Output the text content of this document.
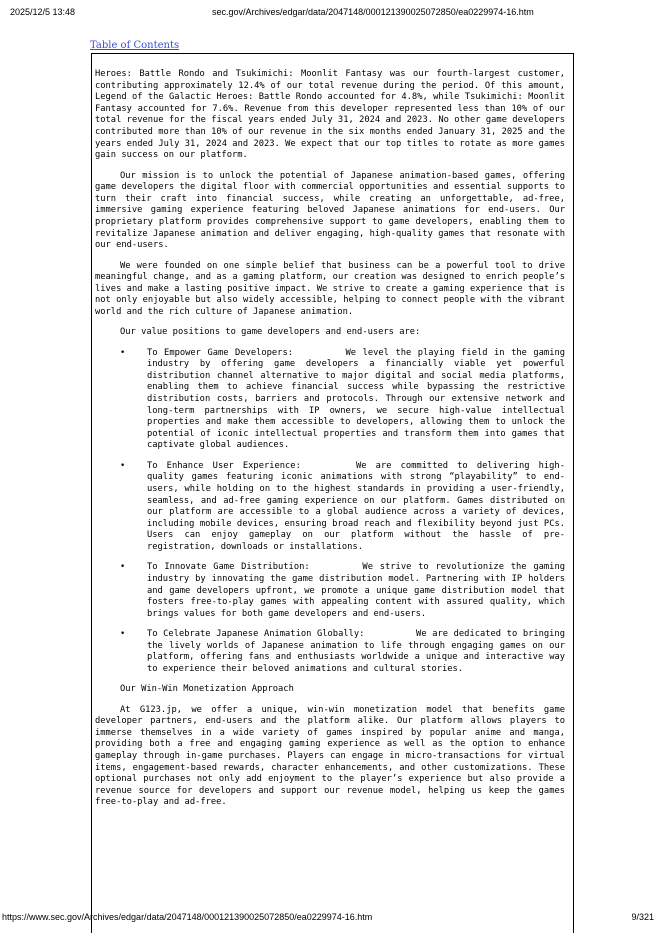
2025/12/5 13:48	sec.gov/Archives/edgar/data/2047148/000121390025072850/ea0229974-16.htm
Table of Contents

Heroes: Battle Rondo and Tsukimichi: Moonlit Fantasy was our fourth-largest customer, contributing approximately 12.4% of our total revenue during the period. Of this amount, Legend of the Galactic Heroes: Battle Rondo accounted for 4.8%, while Tsukimichi: Moonlit Fantasy accounted for 7.6%. Revenue from this developer represented less than 10% of our total revenue for the fiscal years ended July 31, 2024 and 2023. No other game developers contributed more than 10% of our revenue in the six months ended January 31, 2025 and the years ended July 31, 2024 and 2023. We expect that our top titles to rotate as more games gain success on our platform.

Our mission is to unlock the potential of Japanese animation-based games, offering game developers the digital floor with commercial opportunities and essential supports to turn their craft into financial success, while creating an unforgettable, ad-free, immersive gaming experience featuring beloved Japanese animations for end-users. Our proprietary platform provides comprehensive support to game developers, enabling them to revitalize Japanese animation and deliver engaging, high-quality games that resonate with our end-users.

We were founded on one simple belief that business can be a powerful tool to drive meaningful change, and as a gaming platform, our creation was designed to enrich people’s lives and make a lasting positive impact. We strive to create a gaming experience that is not only enjoyable but also widely accessible, helping to connect people with the vibrant world and the rich culture of Japanese animation.

Our value positions to game developers and end-users are:

• To Empower Game Developers:	We level the playing field in the gaming industry by offering game developers a financially viable yet powerful distribution channel alternative to major digital and social media platforms, enabling them to achieve financial success while bypassing the restrictive distribution costs, barriers and protocols. Through our extensive network and long-term partnerships with IP owners, we secure high-value intellectual properties and make them accessible to developers, allowing them to unlock the potential of iconic intellectual properties and transform them into games that captivate global audiences.
• To Enhance User Experience:	We are committed to delivering high-quality games featuring iconic animations with strong “playability” to end-users, while holding on to the highest standards in providing a user-friendly, seamless, and ad-free gaming experience on our platform. Games distributed on our platform are accessible to a global audience across a variety of devices, including mobile devices, ensuring broad reach and flexibility beyond just PCs. Users can enjoy gameplay on our platform without the hassle of pre-registration, downloads or installations.
• To Innovate Game Distribution:	We strive to revolutionize the gaming industry by innovating the game distribution model. Partnering with IP holders and game developers upfront, we promote a unique game distribution model that fosters free-to-play games with appealing content with assured quality, which brings values for both game developers and end-users.
• To Celebrate Japanese Animation Globally:	We are dedicated to bringing the lively worlds of Japanese animation to life through engaging games on our platform, offering fans and enthusiasts worldwide a unique and interactive way to experience their beloved animations and cultural stories.
Our Win-Win Monetization Approach

At G123.jp, we offer a unique, win-win monetization model that benefits game developer partners, end-users and the platform alike. Our platform allows players to immerse themselves in a wide variety of games inspired by popular anime and manga, providing both a free and engaging gaming experience as well as the option to enhance gameplay through in-game purchases. Players can engage in micro-transactions for virtual items, engagement-based rewards, character enhancements, and other customizations. These optional purchases not only add enjoyment to the player’s experience but also provide a revenue source for developers and support our revenue model, helping us keep the games free-to-play and ad-free.

https://www.sec.gov/Archives/edgar/data/2047148/000121390025072850/ea0229974-16.htm	9/321
